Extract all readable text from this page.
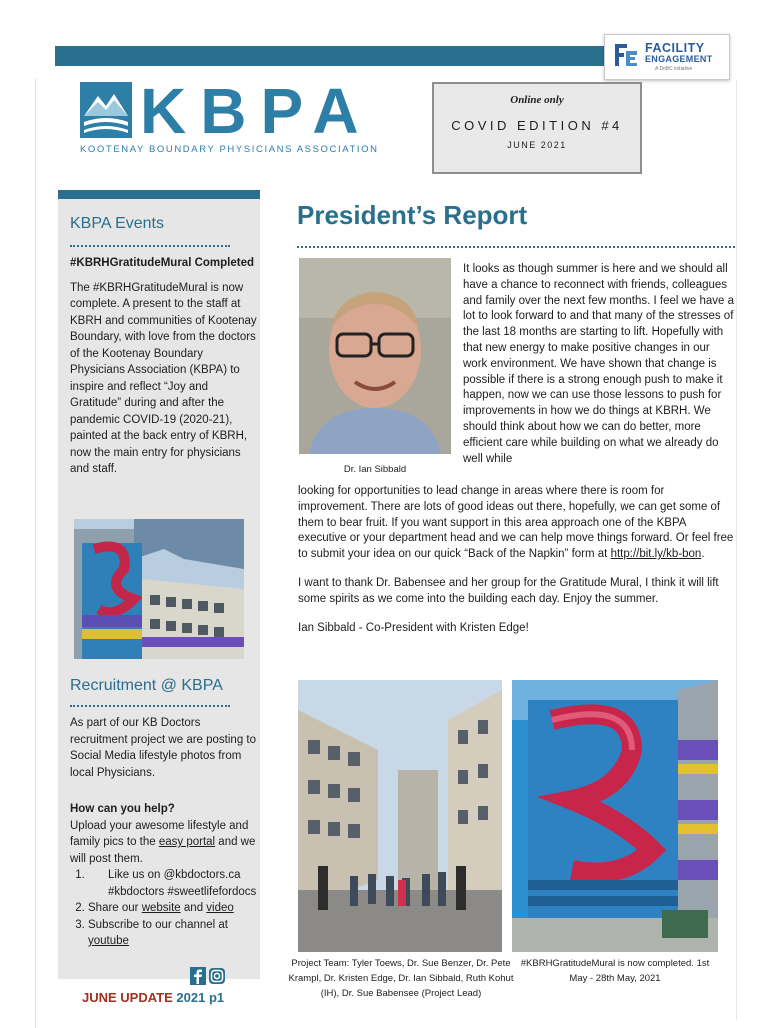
FACILITY
ENGAGEMENT
A DoBC initiative
KBPA
KOOTENAY BOUNDARY PHYSICIANS ASSOCIATION
Online only
COVID EDITION #4
JUNE 2021
KBPA Events

#KBRHGratitudeMural Completed

The #KBRHGratitudeMural is now complete. A present to the staff at KBRH and communities of Kootenay Boundary, with love from the doctors of the Kootenay Boundary Physicians Association (KBPA) to inspire and reflect “Joy and Gratitude” during and after the pandemic COVID-19 (2020-21), painted at the back entry of KBRH, now the main entry for physicians and staff.

Recruitment @ KBPA

As part of our KB Doctors recruitment project we are posting to Social Media lifestyle photos from local Physicians.

How can you help?

Upload your awesome lifestyle and family pics to the easy portal and we will post them.

1. Like us on @kbdoctors.ca #kbdoctors #sweetlifefordocs
2. Share our website and video
3. Subscribe to our channel at youtube
JUNE UPDATE 2021 p1
President’s Report
Dr. Ian Sibbald
It looks as though summer is here and we should all have a chance to reconnect with friends, colleagues and family over the next few months. I feel we have a lot to look forward to and that many of the stresses of the last 18 months are starting to lift. Hopefully with that new energy to make positive changes in our work environment. We have shown that change is possible if there is a strong enough push to make it happen, now we can use those lessons to push for improvements in how we do things at KBRH. We should think about how we can do better, more efficient care while building on what we already do well while

looking for opportunities to lead change in areas where there is room for improvement. There are lots of good ideas out there, hopefully, we can get some of them to bear fruit. If you want support in this area approach one of the KBPA executive or your department head and we can help move things forward. Or feel free to submit your idea on our quick “Back of the Napkin” form at http://bit.ly/kb-bon.

I want to thank Dr. Babensee and her group for the Gratitude Mural, I think it will lift some spirits as we come into the building each day. Enjoy the summer.

Ian Sibbald - Co-President with Kristen Edge!

Project Team: Tyler Toews, Dr. Sue Benzer, Dr. Pete Krampl, Dr. Kristen Edge, Dr. Ian Sibbald, Ruth Kohut (IH), Dr. Sue Babensee (Project Lead)
#KBRHGratitudeMural is now completed. 1st May - 28th May, 2021
